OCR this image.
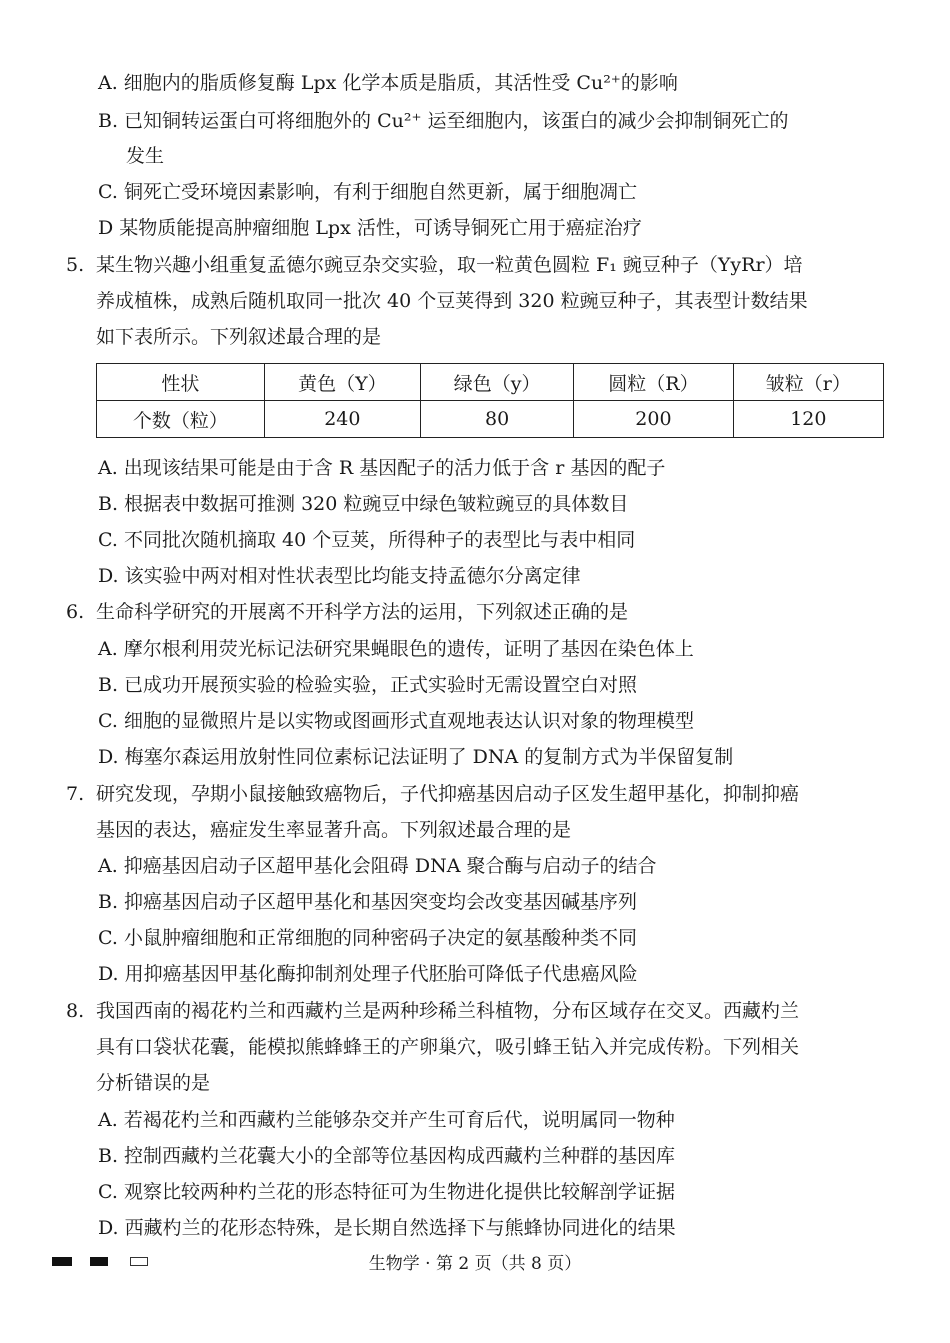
A. 细胞内的脂质修复酶 Lpx 化学本质是脂质，其活性受 Cu²⁺的影响
B. 已知铜转运蛋白可将细胞外的 Cu²⁺ 运至细胞内，该蛋白的减少会抑制铜死亡的
发生
C. 铜死亡受环境因素影响，有利于细胞自然更新，属于细胞凋亡
D 某物质能提高肿瘤细胞 Lpx 活性，可诱导铜死亡用于癌症治疗
5. 某生物兴趣小组重复孟德尔豌豆杂交实验，取一粒黄色圆粒 F₁ 豌豆种子（YyRr）培
养成植株，成熟后随机取同一批次 40 个豆荚得到 320 粒豌豆种子，其表型计数结果
如下表所示。下列叙述最合理的是
性状	黄色（Y）	绿色（y）	圆粒（R）	皱粒（r）
个数（粒）	240	80	200	120
A. 出现该结果可能是由于含 R 基因配子的活力低于含 r 基因的配子
B. 根据表中数据可推测 320 粒豌豆中绿色皱粒豌豆的具体数目
C. 不同批次随机摘取 40 个豆荚，所得种子的表型比与表中相同
D. 该实验中两对相对性状表型比均能支持孟德尔分离定律
6. 生命科学研究的开展离不开科学方法的运用，下列叙述正确的是
A. 摩尔根利用荧光标记法研究果蝇眼色的遗传，证明了基因在染色体上
B. 已成功开展预实验的检验实验，正式实验时无需设置空白对照
C. 细胞的显微照片是以实物或图画形式直观地表达认识对象的物理模型
D. 梅塞尔森运用放射性同位素标记法证明了 DNA 的复制方式为半保留复制
7. 研究发现，孕期小鼠接触致癌物后，子代抑癌基因启动子区发生超甲基化，抑制抑癌
基因的表达，癌症发生率显著升高。下列叙述最合理的是
A. 抑癌基因启动子区超甲基化会阻碍 DNA 聚合酶与启动子的结合
B. 抑癌基因启动子区超甲基化和基因突变均会改变基因碱基序列
C. 小鼠肿瘤细胞和正常细胞的同种密码子决定的氨基酸种类不同
D. 用抑癌基因甲基化酶抑制剂处理子代胚胎可降低子代患癌风险
8. 我国西南的褐花杓兰和西藏杓兰是两种珍稀兰科植物，分布区域存在交叉。西藏杓兰
具有口袋状花囊，能模拟熊蜂蜂王的产卵巢穴，吸引蜂王钻入并完成传粉。下列相关
分析错误的是
A. 若褐花杓兰和西藏杓兰能够杂交并产生可育后代，说明属同一物种
B. 控制西藏杓兰花囊大小的全部等位基因构成西藏杓兰种群的基因库
C. 观察比较两种杓兰花的形态特征可为生物进化提供比较解剖学证据
D. 西藏杓兰的花形态特殊，是长期自然选择下与熊蜂协同进化的结果
生物学 · 第 2 页（共 8 页）
